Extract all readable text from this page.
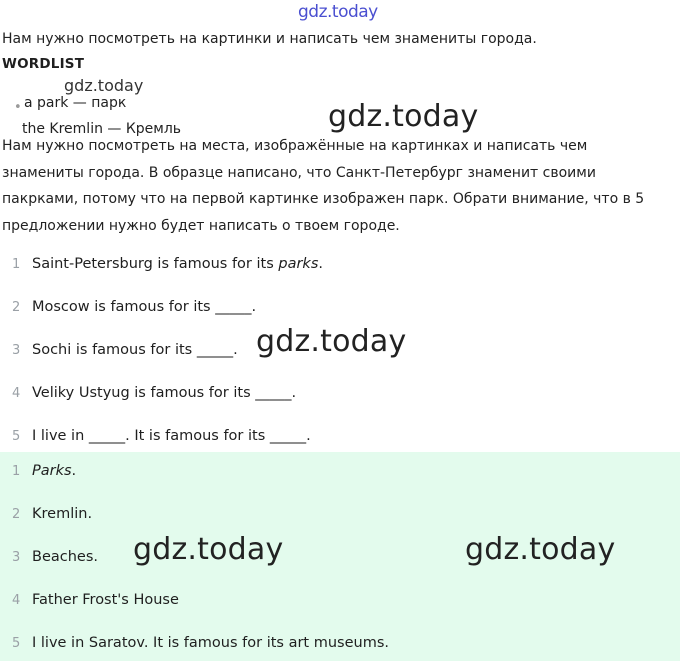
gdz.today
Нам нужно посмотреть на картинки и написать чем знамениты города.
WORDLIST
gdz.today
• a park — парк
the Kremlin — Кремль	gdz.today
Нам нужно посмотреть на места, изображённые на картинках и написать чем знамениты города. В образце написано, что Санкт-Петербург знаменит своими пакрками, потому что на первой картинке изображен парк. Обрати внимание, что в 5 предложении нужно будет написать о твоем городе.
1 Saint-Petersburg is famous for its parks.
2 Moscow is famous for its _____.
3 Sochi is famous for its _____.
4 Veliky Ustyug is famous for its _____.
5 I live in _____. It is famous for its _____.
1 Parks.
2 Kremlin.
3 Beaches.
4 Father Frost's House
5 I live in Saratov. It is famous for its art museums.
gdz.today
gdz.today	gdz.today
